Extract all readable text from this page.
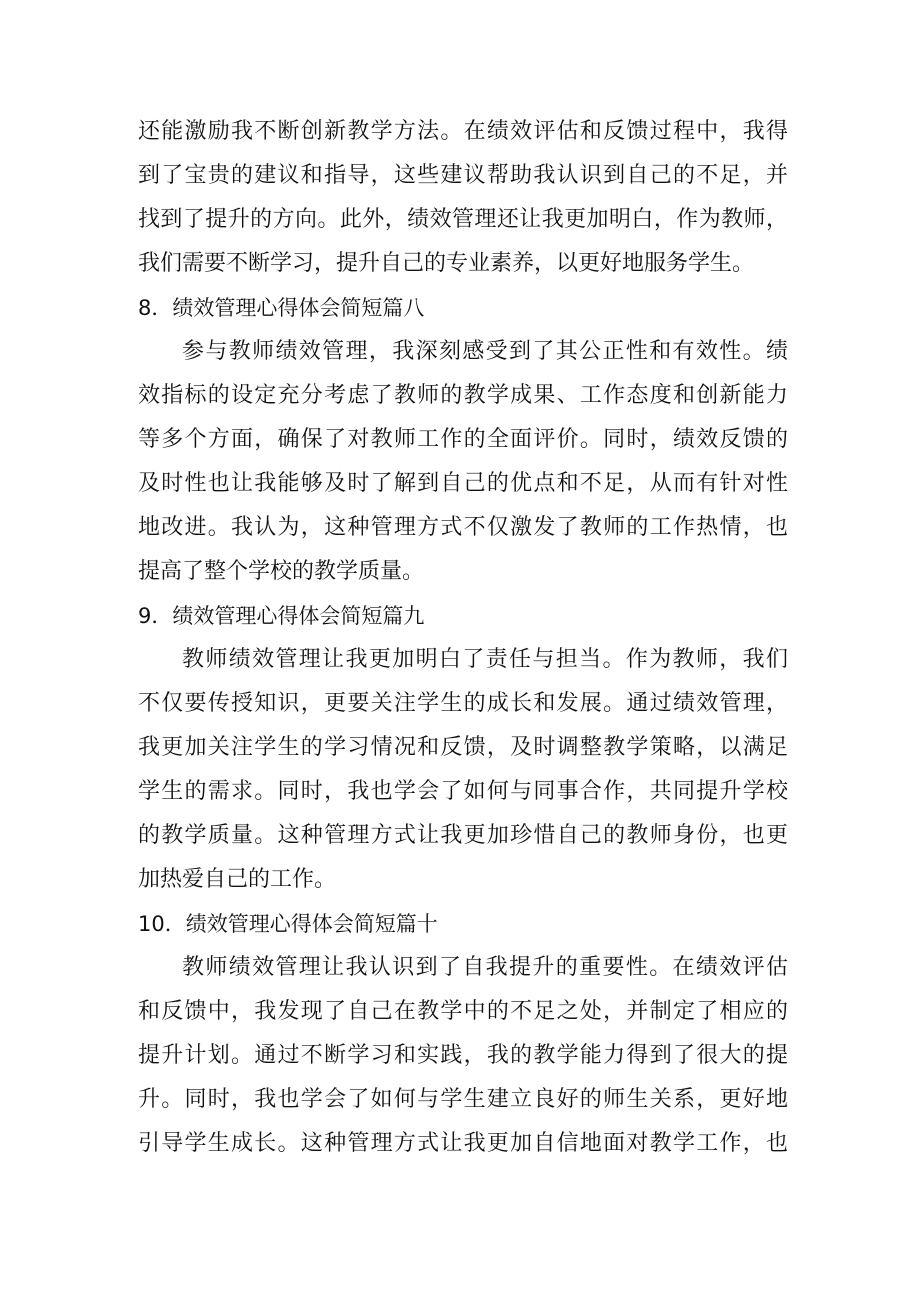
还能激励我不断创新教学方法。在绩效评估和反馈过程中，我得
到了宝贵的建议和指导，这些建议帮助我认识到自己的不足，并
找到了提升的方向。此外，绩效管理还让我更加明白，作为教师，
我们需要不断学习，提升自己的专业素养，以更好地服务学生。
8．绩效管理心得体会简短篇八
参与教师绩效管理，我深刻感受到了其公正性和有效性。绩
效指标的设定充分考虑了教师的教学成果、工作态度和创新能力
等多个方面，确保了对教师工作的全面评价。同时，绩效反馈的
及时性也让我能够及时了解到自己的优点和不足，从而有针对性
地改进。我认为，这种管理方式不仅激发了教师的工作热情，也
提高了整个学校的教学质量。
9．绩效管理心得体会简短篇九
教师绩效管理让我更加明白了责任与担当。作为教师，我们
不仅要传授知识，更要关注学生的成长和发展。通过绩效管理，
我更加关注学生的学习情况和反馈，及时调整教学策略，以满足
学生的需求。同时，我也学会了如何与同事合作，共同提升学校
的教学质量。这种管理方式让我更加珍惜自己的教师身份，也更
加热爱自己的工作。
10．绩效管理心得体会简短篇十
教师绩效管理让我认识到了自我提升的重要性。在绩效评估
和反馈中，我发现了自己在教学中的不足之处，并制定了相应的
提升计划。通过不断学习和实践，我的教学能力得到了很大的提
升。同时，我也学会了如何与学生建立良好的师生关系，更好地
引导学生成长。这种管理方式让我更加自信地面对教学工作，也
